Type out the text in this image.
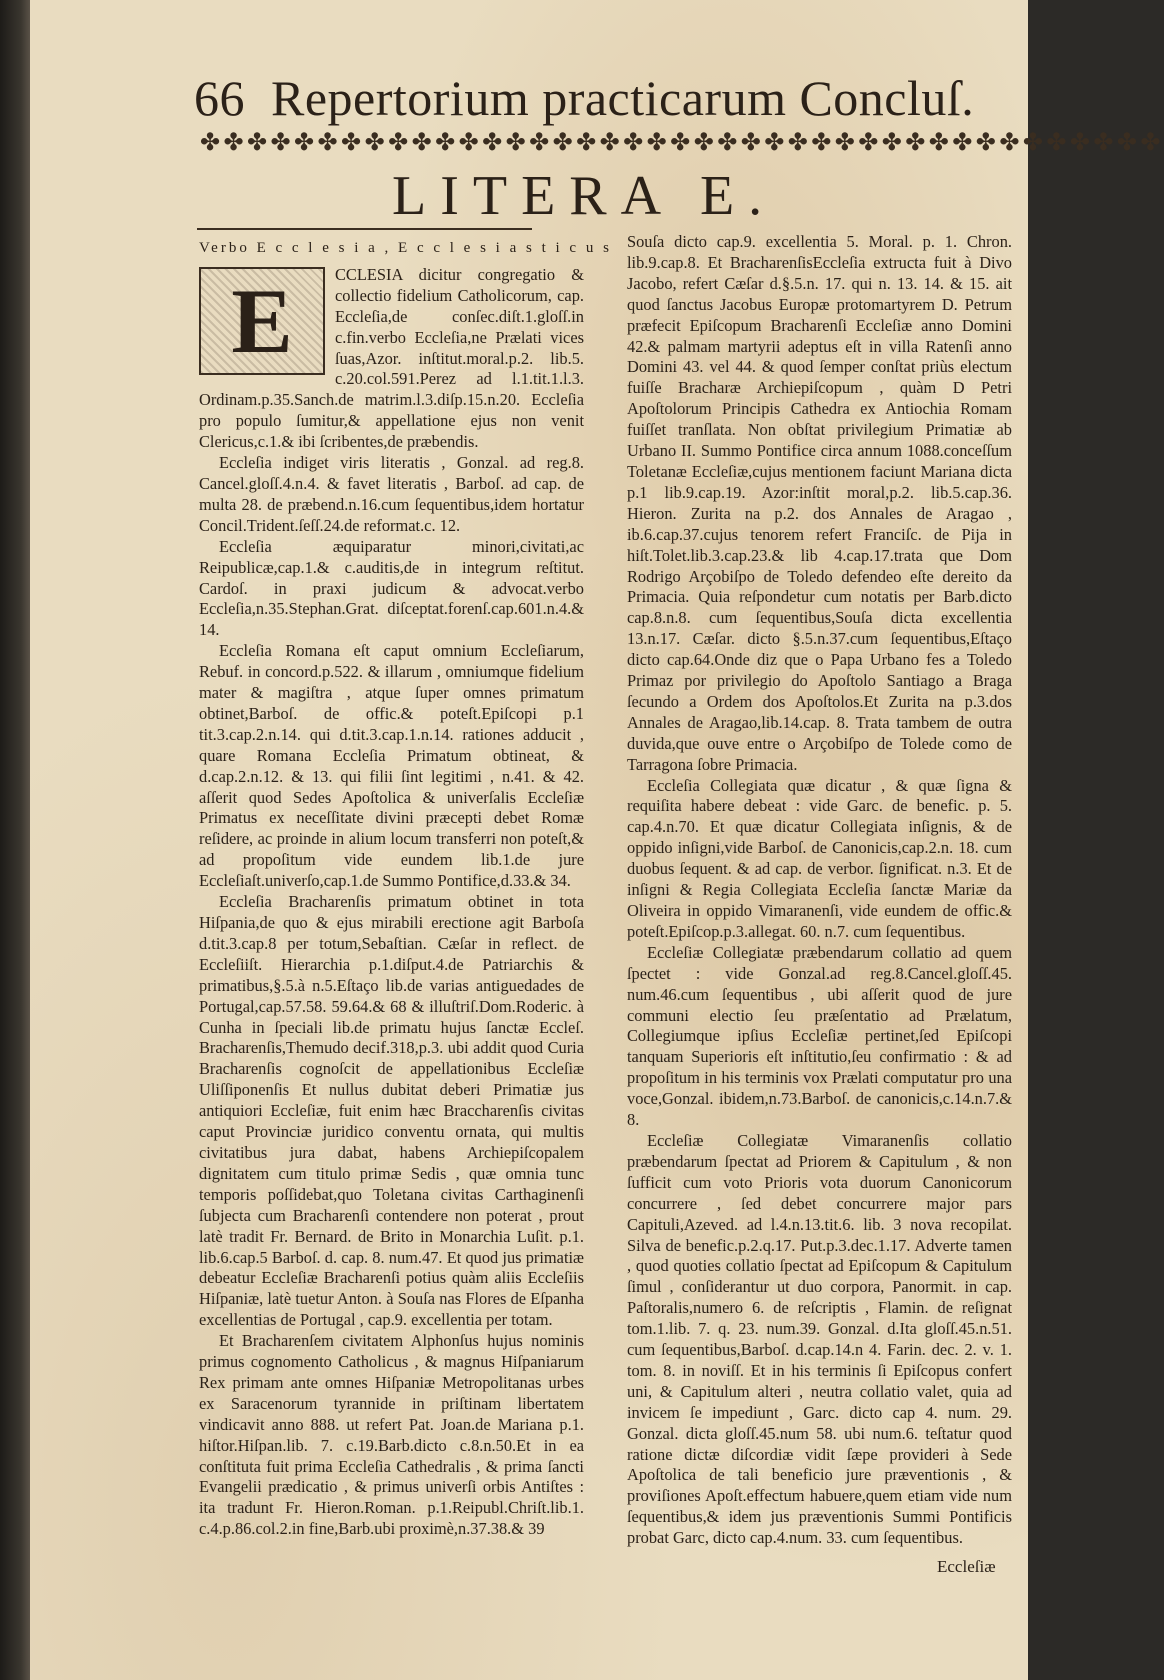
66 Repertorium practicarum Concluſ.
✤✤✤✤✤✤✤✤✤✤✤✤✤✤✤✤✤✤✤✤✤✤✤✤✤✤✤✤✤✤✤✤✤✤✤✤✤✤✤✤✤
LITERA E.
Verbo E c c l e s i a , E c c l e s i a s t i c u s
E	CCLESIA dicitur congregatio & collectio fidelium Catholicorum, cap. Eccleſia,de conſec.diſt.1.gloſſ.in c.fin.verbo Eccleſia,ne Prælati vices ſuas,Azor. inſtitut.moral.p.2. lib.5. c.20.col.591.Perez ad l.1.tit.1.l.3. Ordinam.p.35.Sanch.de matrim.l.3.diſp.15.n.20. Eccleſia pro populo ſumitur,& appellatione ejus non venit Clericus,c.1.& ibi ſcribentes,de præbendis.

Eccleſia indiget viris literatis , Gonzal. ad reg.8. Cancel.gloſſ.4.n.4. & favet literatis , Barboſ. ad cap. de multa 28. de præbend.n.16.cum ſequentibus,idem hortatur Concil.Trident.ſeſſ.24.de reformat.c. 12.

Eccleſia æquiparatur minori,civitati,ac Reipublicæ,cap.1.& c.auditis,de in integrum reſtitut. Cardoſ. in praxi judicum & advocat.verbo Eccleſia,n.35.Stephan.Grat. diſceptat.forenſ.cap.601.n.4.& 14.

Eccleſia Romana eſt caput omnium Eccleſiarum, Rebuf. in concord.p.522. & illarum , omniumque fidelium mater & magiſtra , atque ſuper omnes primatum obtinet,Barboſ. de offic.& poteſt.Epiſcopi p.1 tit.3.cap.2.n.14. qui d.tit.3.cap.1.n.14. rationes adducit , quare Romana Eccleſia Primatum obtineat, & d.cap.2.n.12. & 13. qui filii ſint legitimi , n.41. & 42. aſſerit quod Sedes Apoſtolica & univerſalis Eccleſiæ Primatus ex neceſſitate divini præcepti debet Romæ reſidere, ac proinde in alium locum transferri non poteſt,& ad propoſitum vide eundem lib.1.de jure Eccleſiaſt.univerſo,cap.1.de Summo Pontifice,d.33.& 34.

Eccleſia Bracharenſis primatum obtinet in tota Hiſpania,de quo & ejus mirabili erectione agit Barboſa d.tit.3.cap.8 per totum,Sebaſtian. Cæſar in reflect. de Eccleſiiſt. Hierarchia p.1.diſput.4.de Patriarchis & primatibus,§.5.à n.5.Eſtaço lib.de varias antiguedades de Portugal,cap.57.58. 59.64.& 68 & illuſtriſ.Dom.Roderic. à Cunha in ſpeciali lib.de primatu hujus ſanctæ Eccleſ. Bracharenſis,Themudo decif.318,p.3. ubi addit quod Curia Bracharenſis cognoſcit de appellationibus Eccleſiæ Uliſſiponenſis Et nullus dubitat deberi Primatiæ jus antiquiori Eccleſiæ, fuit enim hæc Braccharenſis civitas caput Provinciæ juridico conventu ornata, qui multis civitatibus jura dabat, habens Archiepiſcopalem dignitatem cum titulo primæ Sedis , quæ omnia tunc temporis poſſidebat,quo Toletana civitas Carthaginenſi ſubjecta cum Bracharenſi contendere non poterat , prout latè tradit Fr. Bernard. de Brito in Monarchia Luſit. p.1. lib.6.cap.5 Barboſ. d. cap. 8. num.47. Et quod jus primatiæ debeatur Eccleſiæ Bracharenſi potius quàm aliis Eccleſiis Hiſpaniæ, latè tuetur Anton. à Souſa nas Flores de Eſpanha excellentias de Portugal , cap.9. excellentia per totam.

Et Bracharenſem civitatem Alphonſus hujus nominis primus cognomento Catholicus , & magnus Hiſpaniarum Rex primam ante omnes Hiſpaniæ Metropolitanas urbes ex Saracenorum tyrannide in priſtinam libertatem vindicavit anno 888. ut refert Pat. Joan.de Mariana p.1. hiſtor.Hiſpan.lib. 7. c.19.Barb.dicto c.8.n.50.Et in ea conſtituta fuit prima Eccleſia Cathedralis , & prima ſancti Evangelii prædicatio , & primus univerſi orbis Antiſtes : ita tradunt Fr. Hieron.Roman. p.1.Reipubl.Chriſt.lib.1. c.4.p.86.col.2.in fine,Barb.ubi proximè,n.37.38.& 39

Souſa dicto cap.9. excellentia 5. Moral. p. 1. Chron. lib.9.cap.8. Et BracharenſisEccleſia extructa fuit à Divo Jacobo, refert Cæſar d.§.5.n. 17. qui n. 13. 14. & 15. ait quod ſanctus Jacobus Europæ protomartyrem D. Petrum præfecit Epiſcopum Bracharenſi Eccleſiæ anno Domini 42.& palmam martyrii adeptus eſt in villa Ratenſi anno Domini 43. vel 44. & quod ſemper conſtat priùs electum fuiſſe Bracharæ Archiepiſcopum , quàm D Petri Apoſtolorum Principis Cathedra ex Antiochia Romam fuiſſet tranſlata. Non obſtat privilegium Primatiæ ab Urbano II. Summo Pontifice circa annum 1088.conceſſum Toletanæ Eccleſiæ,cujus mentionem faciunt Mariana dicta p.1 lib.9.cap.19. Azor:inſtit moral,p.2. lib.5.cap.36. Hieron. Zurita na p.2. dos Annales de Aragao , ib.6.cap.37.cujus tenorem refert Franciſc. de Pija in hiſt.Tolet.lib.3.cap.23.& lib 4.cap.17.trata que Dom Rodrigo Arçobiſpo de Toledo defendeo eſte dereito da Primacia. Quia reſpondetur cum notatis per Barb.dicto cap.8.n.8. cum ſequentibus,Souſa dicta excellentia 13.n.17. Cæſar. dicto §.5.n.37.cum ſequentibus,Eſtaço dicto cap.64.Onde diz que o Papa Urbano fes a Toledo Primaz por privilegio do Apoſtolo Santiago a Braga ſecundo a Ordem dos Apoſtolos.Et Zurita na p.3.dos Annales de Aragao,lib.14.cap. 8. Trata tambem de outra duvida,que ouve entre o Arçobiſpo de Tolede como de Tarragona ſobre Primacia.

Eccleſia Collegiata quæ dicatur , & quæ ſigna & requiſita habere debeat : vide Garc. de benefic. p. 5. cap.4.n.70. Et quæ dicatur Collegiata inſignis, & de oppido inſigni,vide Barboſ. de Canonicis,cap.2.n. 18. cum duobus ſequent. & ad cap. de verbor. ſignificat. n.3. Et de inſigni & Regia Collegiata Eccleſia ſanctæ Mariæ da Oliveira in oppido Vimaranenſi, vide eundem de offic.& poteſt.Epiſcop.p.3.allegat. 60. n.7. cum ſequentibus.

Eccleſiæ Collegiatæ præbendarum collatio ad quem ſpectet : vide Gonzal.ad reg.8.Cancel.gloſſ.45. num.46.cum ſequentibus , ubi aſſerit quod de jure communi electio ſeu præſentatio ad Prælatum, Collegiumque ipſius Eccleſiæ pertinet,ſed Epiſcopi tanquam Superioris eſt inſtitutio,ſeu confirmatio : & ad propoſitum in his terminis vox Prælati computatur pro una voce,Gonzal. ibidem,n.73.Barboſ. de canonicis,c.14.n.7.& 8.

Eccleſiæ Collegiatæ Vimaranenſis collatio præbendarum ſpectat ad Priorem & Capitulum , & non ſufficit cum voto Prioris vota duorum Canonicorum concurrere , ſed debet concurrere major pars Capituli,Azeved. ad l.4.n.13.tit.6. lib. 3 nova recopilat. Silva de benefic.p.2.q.17. Put.p.3.dec.1.17. Adverte tamen , quod quoties collatio ſpectat ad Epiſcopum & Capitulum ſimul , conſiderantur ut duo corpora, Panormit. in cap. Paſtoralis,numero 6. de reſcriptis , Flamin. de reſignat tom.1.lib. 7. q. 23. num.39. Gonzal. d.Ita gloſſ.45.n.51. cum ſequentibus,Barboſ. d.cap.14.n 4. Farin. dec. 2. v. 1. tom. 8. in noviſſ. Et in his terminis ſi Epiſcopus confert uni, & Capitulum alteri , neutra collatio valet, quia ad invicem ſe impediunt , Garc. dicto cap 4. num. 29. Gonzal. dicta gloſſ.45.num 58. ubi num.6. teſtatur quod ratione dictæ diſcordiæ vidit ſæpe provideri à Sede Apoſtolica de tali beneficio jure præventionis , & proviſiones Apoſt.effectum habuere,quem etiam vide num ſequentibus,& idem jus præventionis Summi Pontificis probat Garc, dicto cap.4.num. 33. cum ſequentibus.

Eccleſiæ
